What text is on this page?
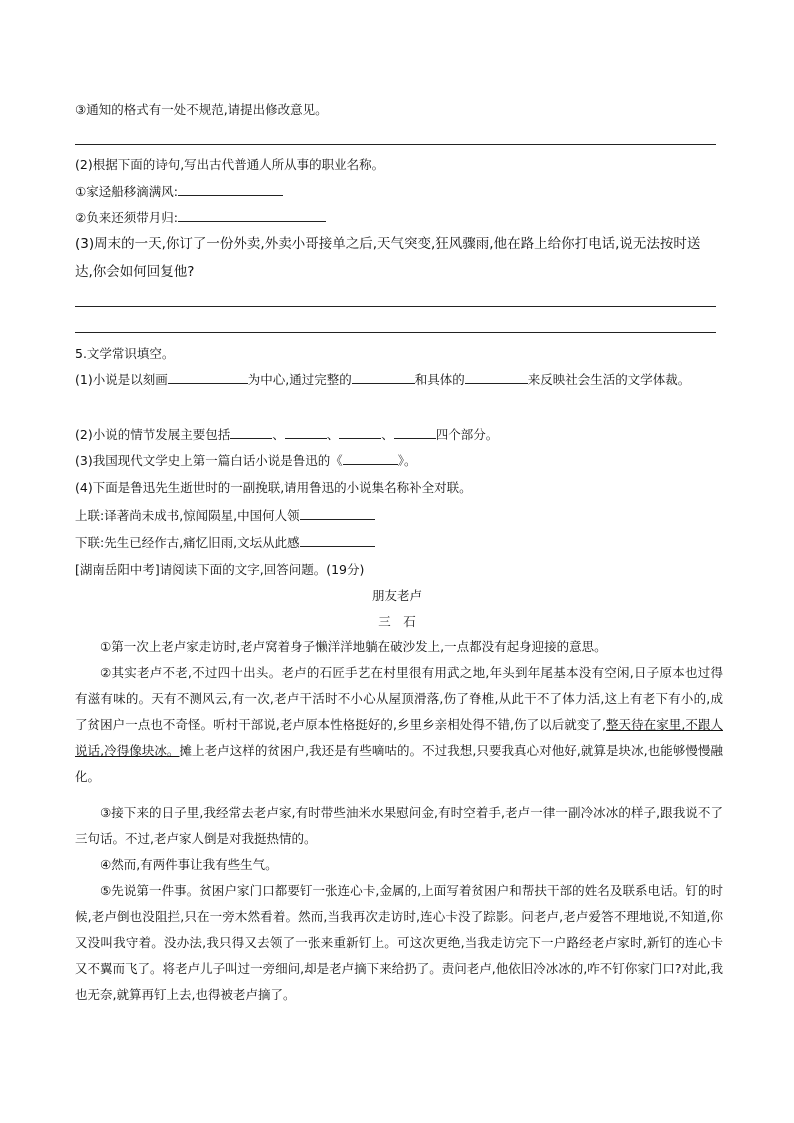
③通知的格式有一处不规范,请提出修改意见。
(2)根据下面的诗句,写出古代普通人所从事的职业名称。
①家迳船移滴满风:
②负来还须带月归:
(3)周末的一天,你订了一份外卖,外卖小哥接单之后,天气突变,狂风骤雨,他在路上给你打电话,说无法按时送
达,你会如何回复他?
5.文学常识填空。
(1)小说是以刻画	为中心,通过完整的	和具体的	来反映社会生活的文学体裁。
(2)小说的情节发展主要包括	、	、	、	四个部分。
(3)我国现代文学史上第一篇白话小说是鲁迅的《	》。
(4)下面是鲁迅先生逝世时的一副挽联,请用鲁迅的小说集名称补全对联。
上联:译著尚未成书,惊闻陨星,中国何人领
下联:先生已经作古,痛忆旧雨,文坛从此感
[湖南岳阳中考]请阅读下面的文字,回答问题。(19分)
朋友老卢
三　石
①第一次上老卢家走访时,老卢窝着身子懒洋洋地躺在破沙发上,一点都没有起身迎接的意思。
②其实老卢不老,不过四十出头。老卢的石匠手艺在村里很有用武之地,年头到年尾基本没有空闲,日子原本也过得有滋有味的。天有不测风云,有一次,老卢干活时不小心从屋顶滑落,伤了脊椎,从此干不了体力活,这上有老下有小的,成了贫困户一点也不奇怪。听村干部说,老卢原本性格挺好的,乡里乡亲相处得不错,伤了以后就变了,整天待在家里,不跟人说话,冷得像块冰。摊上老卢这样的贫困户,我还是有些嘀咕的。不过我想,只要我真心对他好,就算是块冰,也能够慢慢融化。
③接下来的日子里,我经常去老卢家,有时带些油米水果慰问金,有时空着手,老卢一律一副冷冰冰的样子,跟我说不了三句话。不过,老卢家人倒是对我挺热情的。
④然而,有两件事让我有些生气。
⑤先说第一件事。贫困户家门口都要钉一张连心卡,金属的,上面写着贫困户和帮扶干部的姓名及联系电话。钉的时候,老卢倒也没阻拦,只在一旁木然看着。然而,当我再次走访时,连心卡没了踪影。问老卢,老卢爱答不理地说,不知道,你又没叫我守着。没办法,我只得又去领了一张来重新钉上。可这次更绝,当我走访完下一户路经老卢家时,新钉的连心卡又不翼而飞了。将老卢儿子叫过一旁细问,却是老卢摘下来给扔了。责问老卢,他依旧冷冰冰的,咋不钉你家门口?对此,我也无奈,就算再钉上去,也得被老卢摘了。
